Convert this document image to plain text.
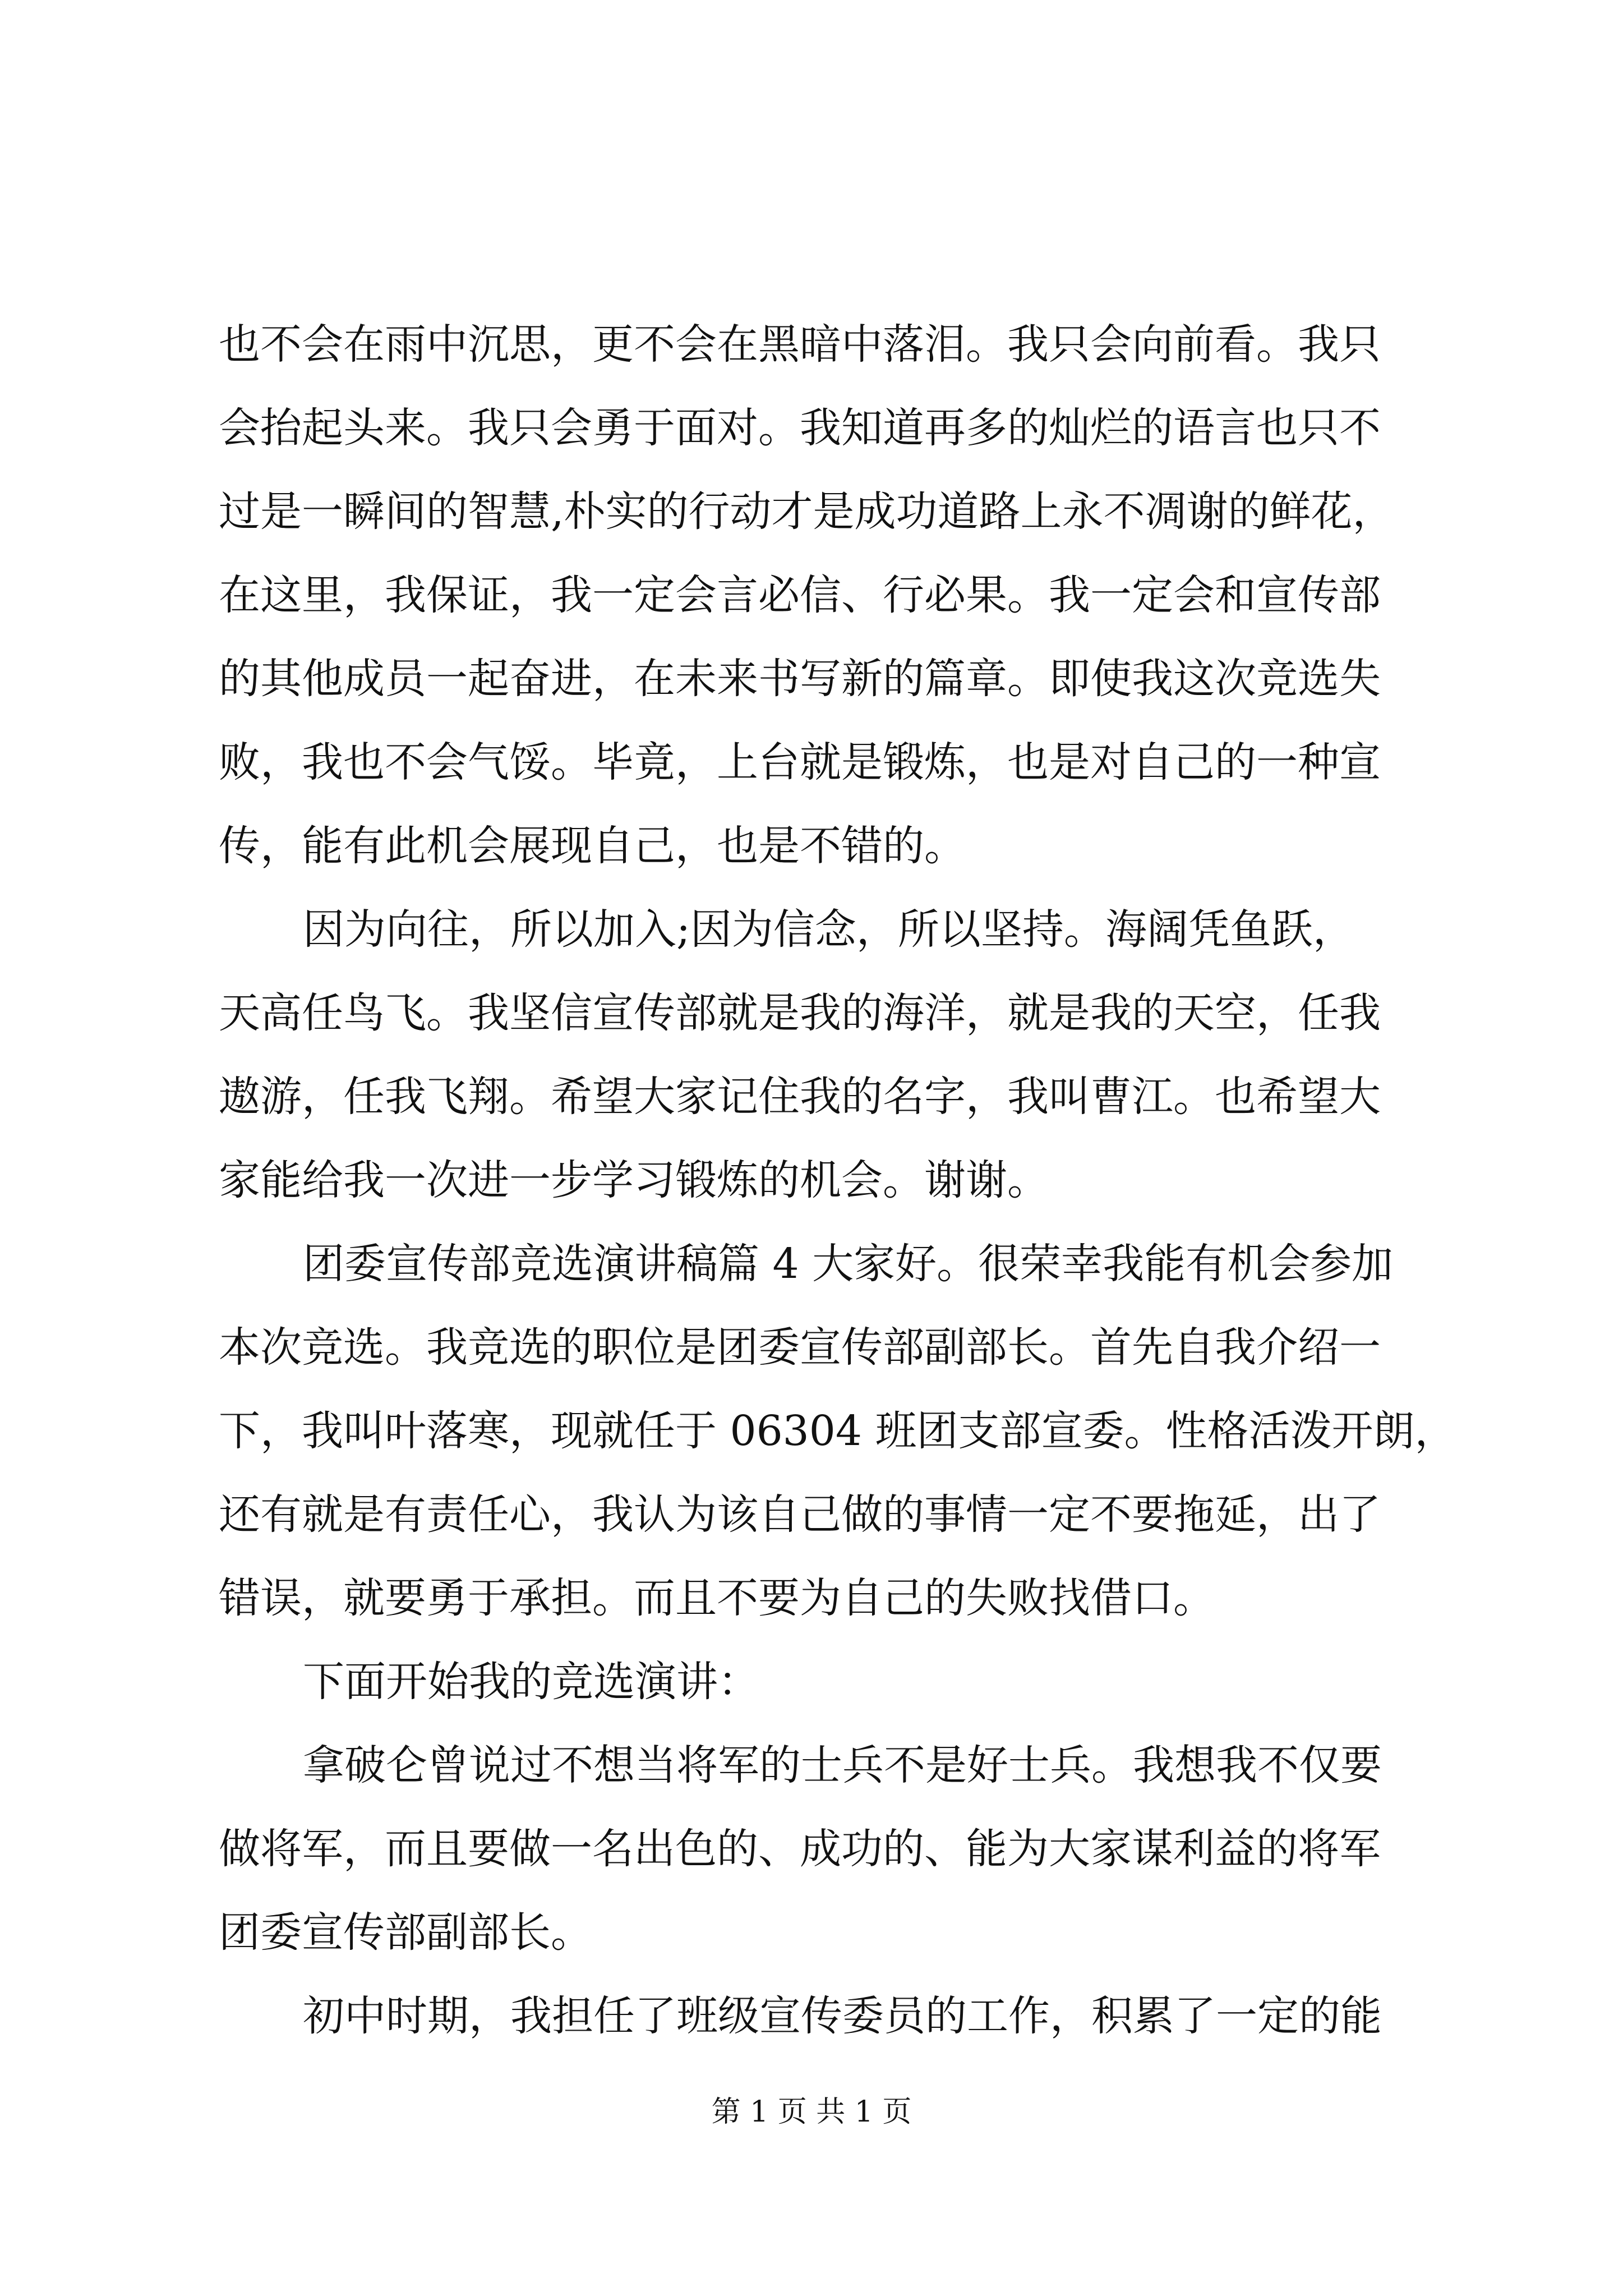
也不会在雨中沉思，更不会在黑暗中落泪。我只会向前看。我只
会抬起头来。我只会勇于面对。我知道再多的灿烂的语言也只不
过是一瞬间的智慧,朴实的行动才是成功道路上永不凋谢的鲜花，
在这里，我保证，我一定会言必信、行必果。我一定会和宣传部
的其他成员一起奋进，在未来书写新的篇章。即使我这次竞选失
败，我也不会气馁。毕竟，上台就是锻炼，也是对自己的一种宣
传，能有此机会展现自己，也是不错的。
因为向往，所以加入;因为信念，所以坚持。海阔凭鱼跃，
天高任鸟飞。我坚信宣传部就是我的海洋，就是我的天空，任我
遨游，任我飞翔。希望大家记住我的名字，我叫曹江。也希望大
家能给我一次进一步学习锻炼的机会。谢谢。
团委宣传部竞选演讲稿篇 4 大家好。很荣幸我能有机会参加
本次竞选。我竞选的职位是团委宣传部副部长。首先自我介绍一
下，我叫叶落寒，现就任于 06304 班团支部宣委。性格活泼开朗，
还有就是有责任心，我认为该自己做的事情一定不要拖延，出了
错误，就要勇于承担。而且不要为自己的失败找借口。
下面开始我的竞选演讲：
拿破仑曾说过不想当将军的士兵不是好士兵。我想我不仅要
做将军，而且要做一名出色的、成功的、能为大家谋利益的将军
团委宣传部副部长。
初中时期，我担任了班级宣传委员的工作，积累了一定的能
第 1 页 共 1 页
